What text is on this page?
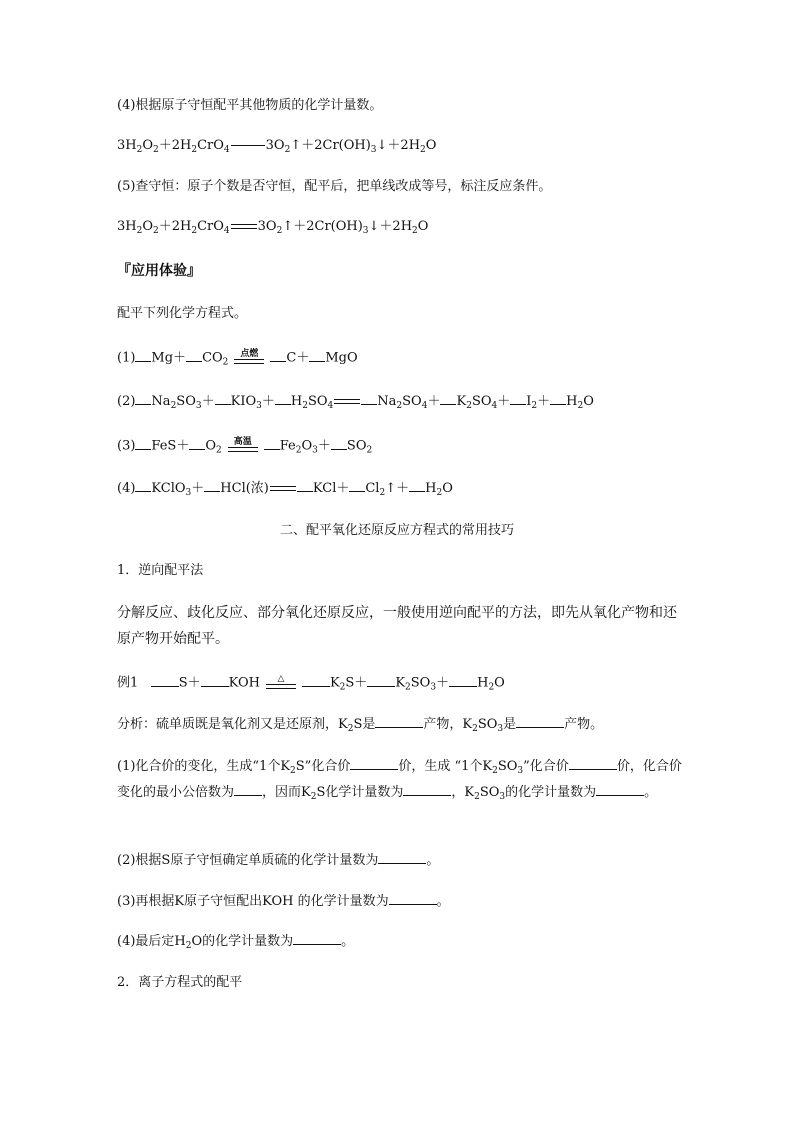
(4)根据原子守恒配平其他物质的化学计量数。
$3H_2O_2+2H_2CrO_4$	$3O_2↑+2Cr(OH)_3↓+2H_2O$
(5)查守恒：原子个数是否守恒，配平后，把单线改成等号，标注反应条件。
$3H_2O_2+2H_2CrO_4$ $3O_2↑+2Cr(OH)_3↓+2H_2O$
『应用体验』
配平下列化学方程式。
(1) $Mg+ CO_2$
点燃	C＋ MgO
(2) $Na_2SO_3+ KIO_3+ H_2SO_4$	$Na_2SO_4+ K_2SO_4+ I_2+ H_2O$
(3) $FeS+ O_2$
高温	$Fe_2O_3+ SO_2$
(4) KClO$_3$＋ HCl(浓)	$KCl+ Cl_2↑+ H_2O$
二、配平氧化还原反应方程式的常用技巧
1．逆向配平法
分解反应、歧化反应、部分氧化还原反应，一般使用逆向配平的方法，即先从氧化产物和还原产物开始配平。
例1	S＋ KOH	△	$K_2S+ K_2SO_3+ H_2O$
分析：硫单质既是氧化剂又是还原剂，$K_2S$是	产物，$K_2SO_3$是	产物。
(1)化合价的变化，生成“1个$K_2S$”化合价	价，生成 “1个$K_2SO_3$”化合价	价，化合价变化的最小公倍数为 ，因而$K_2S$化学计量数为	，$K_2SO_3$的化学计量数为	。
(2)根据S原子守恒确定单质硫的化学计量数为	。
(3)再根据K原子守恒配出KOH 的化学计量数为	。
(4)最后定$H_2O$的化学计量数为	。
2．离子方程式的配平
